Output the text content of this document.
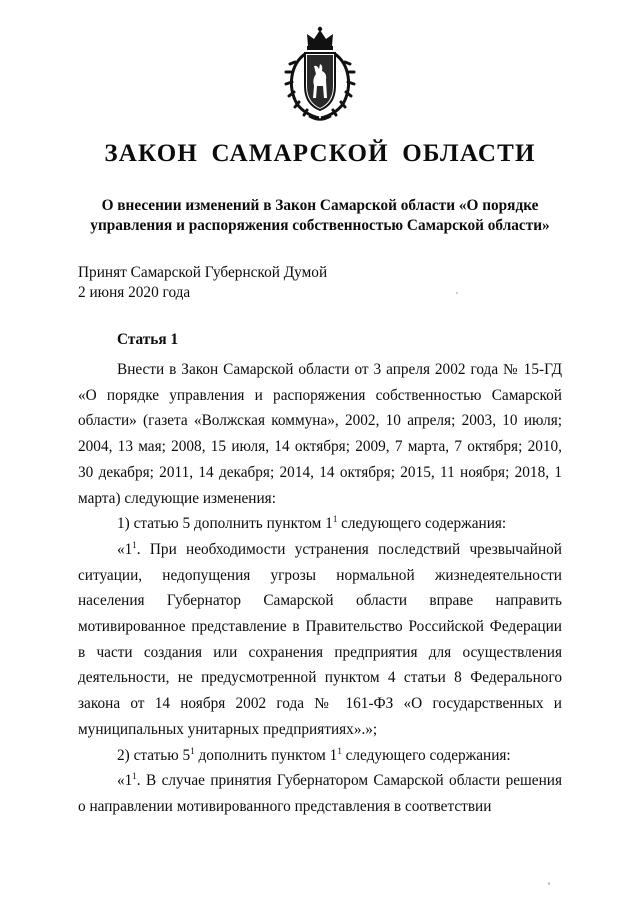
ЗАКОН САМАРСКОЙ ОБЛАСТИ
О внесении изменений в Закон Самарской области «О порядке
управления и распоряжения собственностью Самарской области»

Принят Самарской Губернской Думой
2 июня 2020 года

Статья 1

Внести в Закон Самарской области от 3 апреля 2002 года № 15-ГД «О порядке управления и распоряжения собственностью Самарской области» (газета «Волжская коммуна», 2002, 10 апреля; 2003, 10 июля; 2004, 13 мая; 2008, 15 июля, 14 октября; 2009, 7 марта, 7 октября; 2010, 30 декабря; 2011, 14 декабря; 2014, 14 октября; 2015, 11 ноября; 2018, 1 марта) следующие изменения:

1) статью 5 дополнить пунктом $1^1$ следующего содержания:

«$1^1$. При необходимости устранения последствий чрезвычайной ситуации, недопущения угрозы нормальной жизнедеятельности населения Губернатор Самарской области вправе направить мотивированное представление в Правительство Российской Федерации в части создания или сохранения предприятия для осуществления деятельности, не предусмотренной пунктом 4 статьи 8 Федерального закона от 14 ноября 2002 года № 161-ФЗ «О государственных и муниципальных унитарных предприятиях».»;

2) статью $5^1$ дополнить пунктом $1^1$ следующего содержания:

«$1^1$. В случае принятия Губернатором Самарской области решения о направлении мотивированного представления в соответствии
